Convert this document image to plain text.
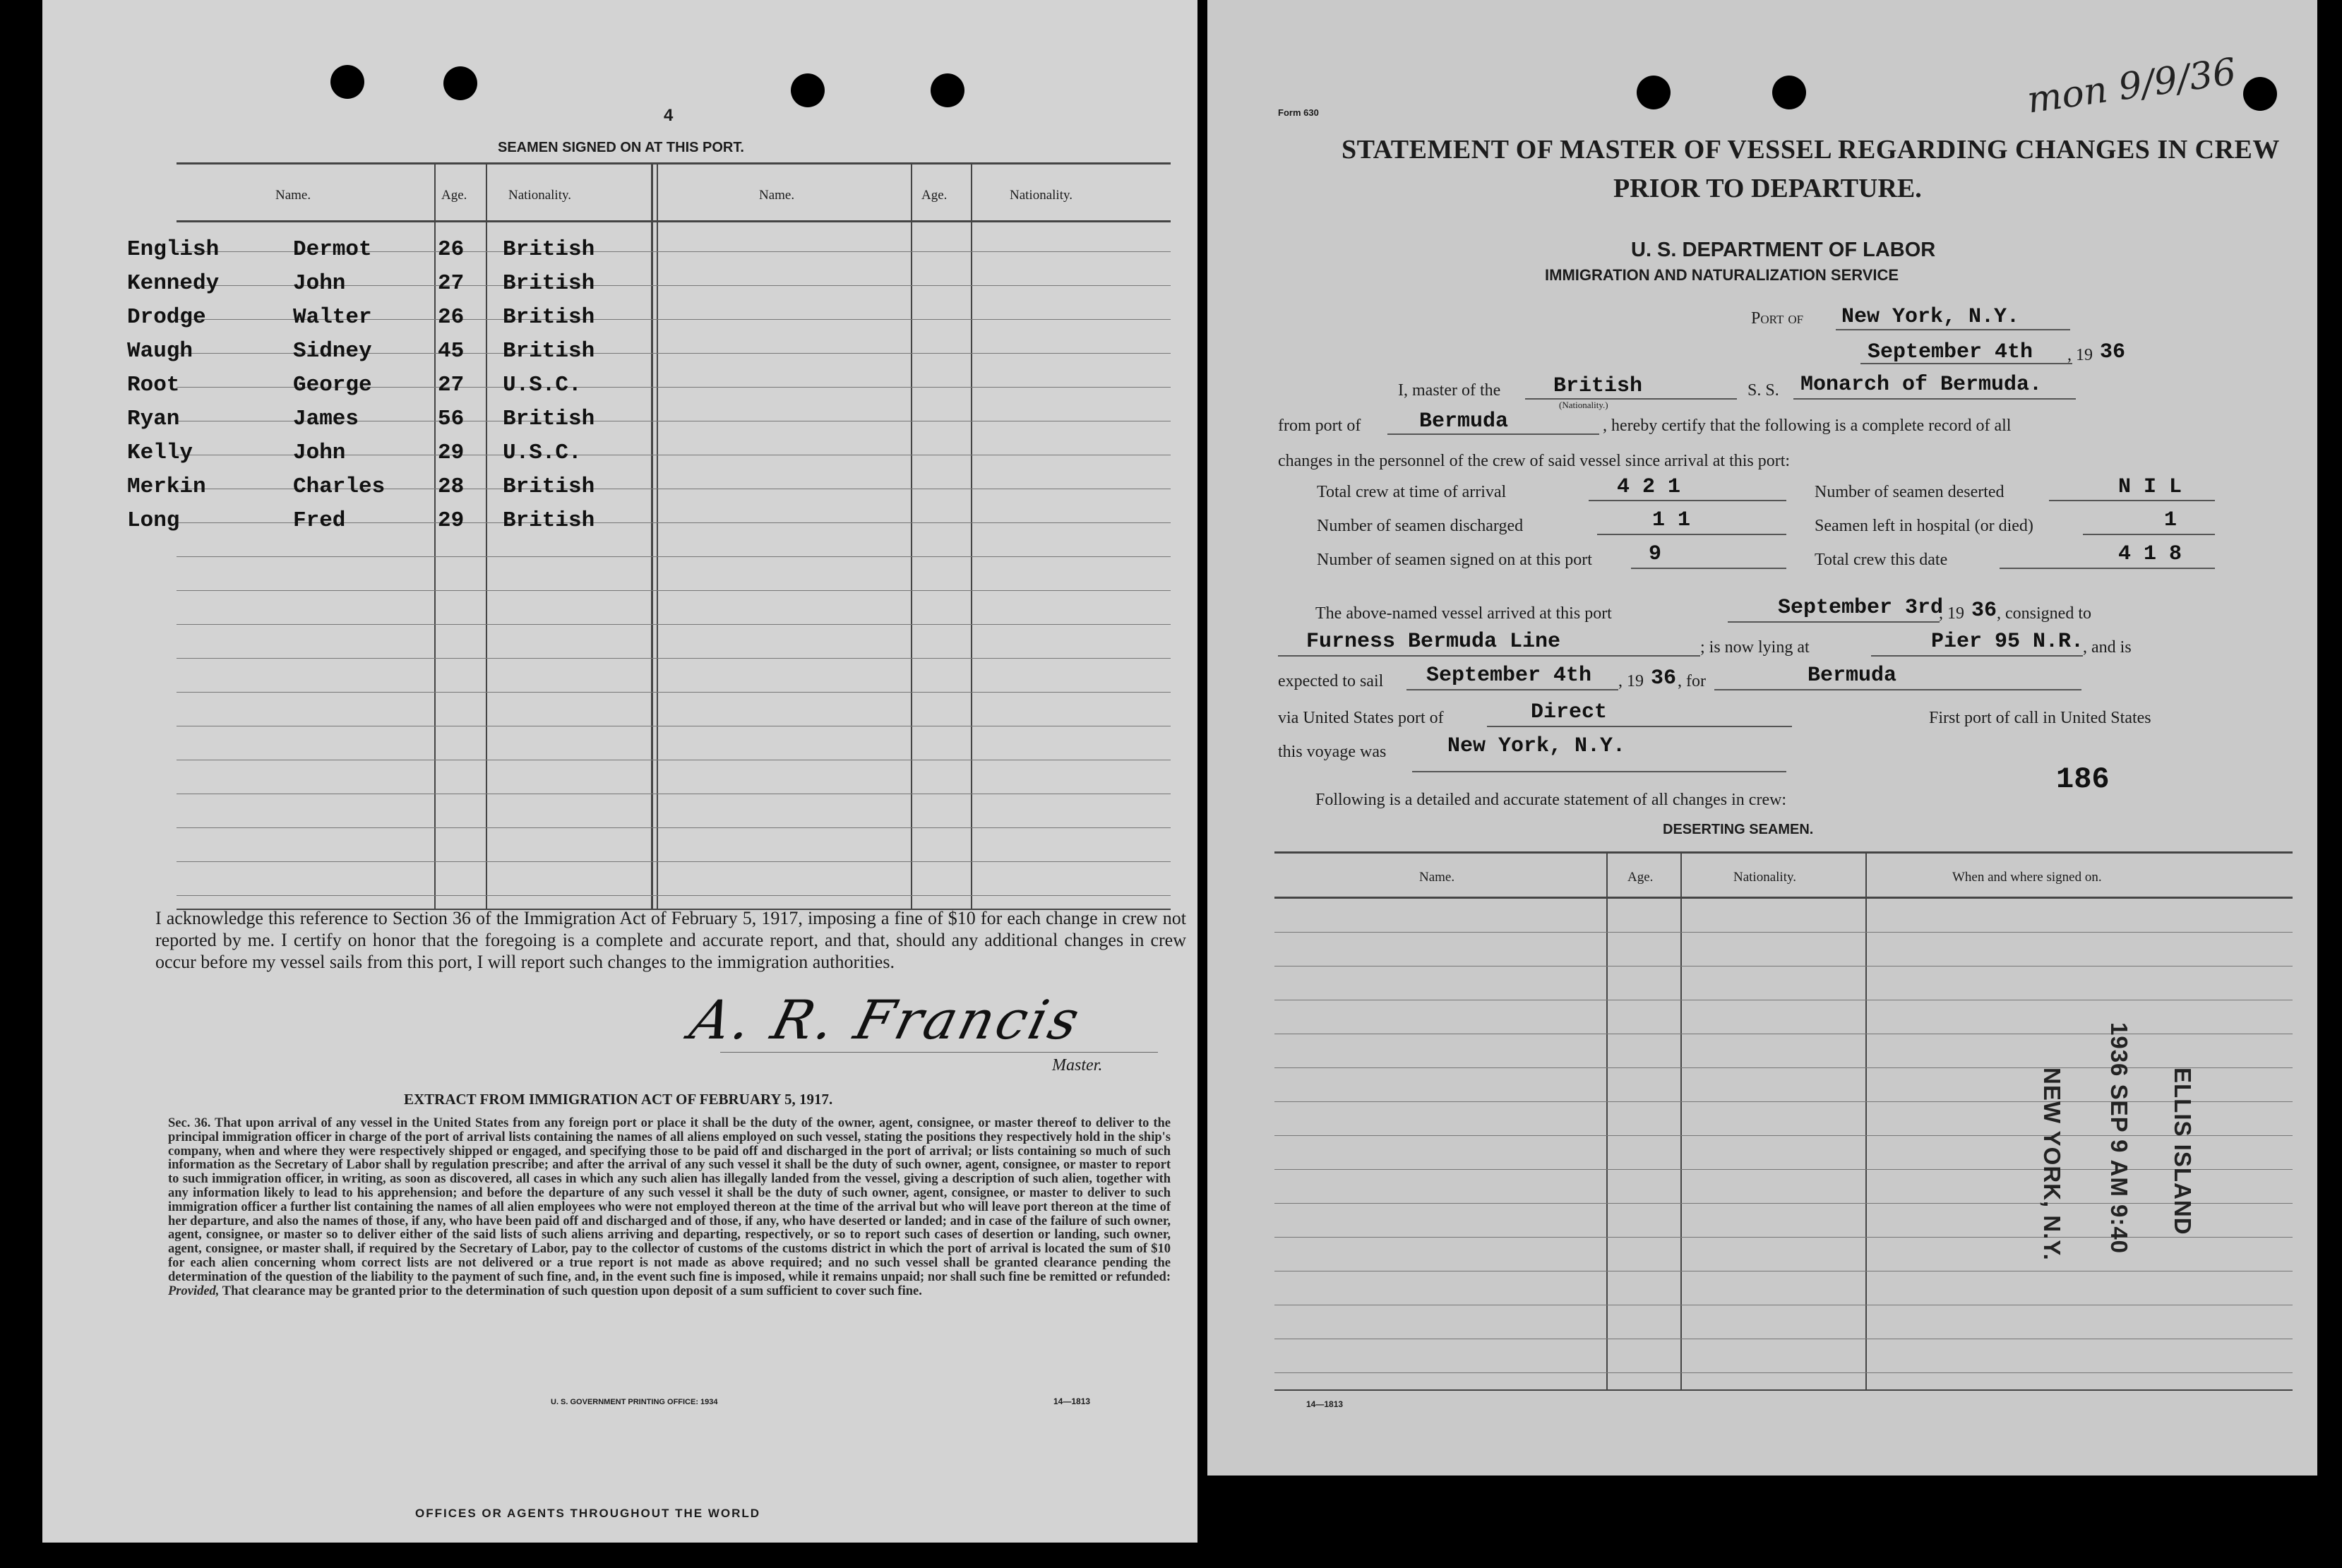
4
SEAMEN SIGNED ON AT THIS PORT.
Name.	Age.	Nationality.	Name.	Age.	Nationality.
English	Dermot	26 British
Kennedy	John	27 British
Drodge	Walter	26 British
Waugh	Sidney	45 British
Root	George	27 U.S.C.
Ryan	James	56 British
Kelly	John	29 U.S.C.
Merkin	Charles 28 British
Long	Fred	29 British
I acknowledge this reference to Section 36 of the Immigration Act of February 5, 1917, imposing a fine of $10 for each change in crew not reported by me. I certify on honor that the foregoing is a complete and accurate report, and that, should any additional changes in crew occur before my vessel sails from this port, I will report such changes to the immigration authorities.
A. R. Francis
Master.
EXTRACT FROM IMMIGRATION ACT OF FEBRUARY 5, 1917.
Sec. 36. That upon arrival of any vessel in the United States from any foreign port or place it shall be the duty of the owner, agent, consignee, or master thereof to deliver to the principal immigration officer in charge of the port of arrival lists containing the names of all aliens employed on such vessel, stating the positions they respectively hold in the ship's company, when and where they were respectively shipped or engaged, and specifying those to be paid off and discharged in the port of arrival; or lists containing so much of such information as the Secretary of Labor shall by regulation prescribe; and after the arrival of any such vessel it shall be the duty of such owner, agent, consignee, or master to report to such immigration officer, in writing, as soon as discovered, all cases in which any such alien has illegally landed from the vessel, giving a description of such alien, together with any information likely to lead to his apprehension; and before the departure of any such vessel it shall be the duty of such owner, agent, consignee, or master to deliver to such immigration officer a further list containing the names of all alien employees who were not employed thereon at the time of the arrival but who will leave port thereon at the time of her departure, and also the names of those, if any, who have been paid off and discharged and of those, if any, who have deserted or landed; and in case of the failure of such owner, agent, consignee, or master so to deliver either of the said lists of such aliens arriving and departing, respectively, or so to report such cases of desertion or landing, such owner, agent, consignee, or master shall, if required by the Secretary of Labor, pay to the collector of customs of the customs district in which the port of arrival is located the sum of $10 for each alien concerning whom correct lists are not delivered or a true report is not made as above required; and no such vessel shall be granted clearance pending the determination of the question of the liability to the payment of such fine, and, in the event such fine is imposed, while it remains unpaid; nor shall such fine be remitted or refunded: Provided, That clearance may be granted prior to the determination of such question upon deposit of a sum sufficient to cover such fine.
U. S. GOVERNMENT PRINTING OFFICE: 1934	14—1813
OFFICES OR AGENTS THROUGHOUT THE WORLD
Form 630	mon 9/9/36
STATEMENT OF MASTER OF VESSEL REGARDING CHANGES IN CREW
PRIOR TO DEPARTURE.
U. S. DEPARTMENT OF LABOR
IMMIGRATION AND NATURALIZATION SERVICE
Port of New York, N.Y.
September 4th , 19 36
I, master of the British
(Nationality.)
S. S. Monarch of Bermuda.
from port of	Bermuda	, hereby certify that the following is a complete record of all
changes in the personnel of the crew of said vessel since arrival at this port:
Total crew at time of arrival	4 2 1	Number of seamen deserted	N I L
Number of seamen discharged	1 1	Seamen left in hospital (or died)	1
Number of seamen signed on at this port	9	Total crew this date	4 1 8
The above-named vessel arrived at this port	September 3rd
, 19 36 , consigned to
Furness Bermuda Line	; is now lying at	Pier 95 N.R.
, and is
expected to sail September 4th , 19 36 , for	Bermuda
via United States port of	Direct	First port of call in United States
this voyage was	New York, N.Y.
186
Following is a detailed and accurate statement of all changes in crew:
DESERTING SEAMEN.
Name.	Age.	Nationality.	When and where signed on.
ELLIS ISLAND
1936 SEP 9 AM 9:40
NEW YORK, N.Y.
14—1813
